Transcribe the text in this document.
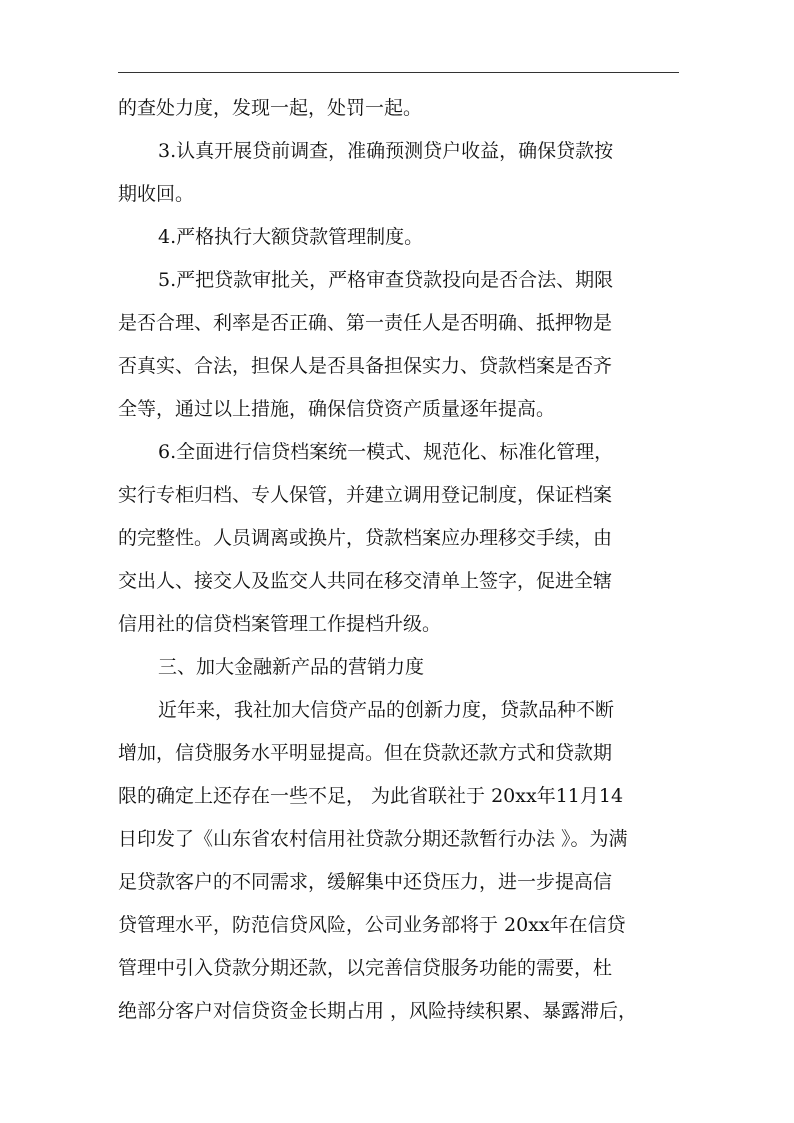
的查处力度，发现一起，处罚一起。
3.认真开展贷前调查，准确预测贷户收益，确保贷款按
期收回。
4.严格执行大额贷款管理制度。
5.严把贷款审批关，严格审查贷款投向是否合法、期限
是否合理、利率是否正确、第一责任人是否明确、抵押物是
否真实、合法，担保人是否具备担保实力、贷款档案是否齐
全等，通过以上措施，确保信贷资产质量逐年提高。
6.全面进行信贷档案统一模式、规范化、标准化管理，
实行专柜归档、专人保管，并建立调用登记制度，保证档案
的完整性。人员调离或换片，贷款档案应办理移交手续，由
交出人、接交人及监交人共同在移交清单上签字，促进全辖
信用社的信贷档案管理工作提档升级。
三、加大金融新产品的营销力度
近年来，我社加大信贷产品的创新力度，贷款品种不断
增加，信贷服务水平明显提高。但在贷款还款方式和贷款期
限的确定上还存在一些不足， 为此省联社于 20xx年11月14
日印发了《山东省农村信用社贷款分期还款暂行办法 》。为满
足贷款客户的不同需求，缓解集中还贷压力，进一步提高信
贷管理水平，防范信贷风险，公司业务部将于 20xx年在信贷
管理中引入贷款分期还款，以完善信贷服务功能的需要，杜
绝部分客户对信贷资金长期占用 ，风险持续积累、暴露滞后，
